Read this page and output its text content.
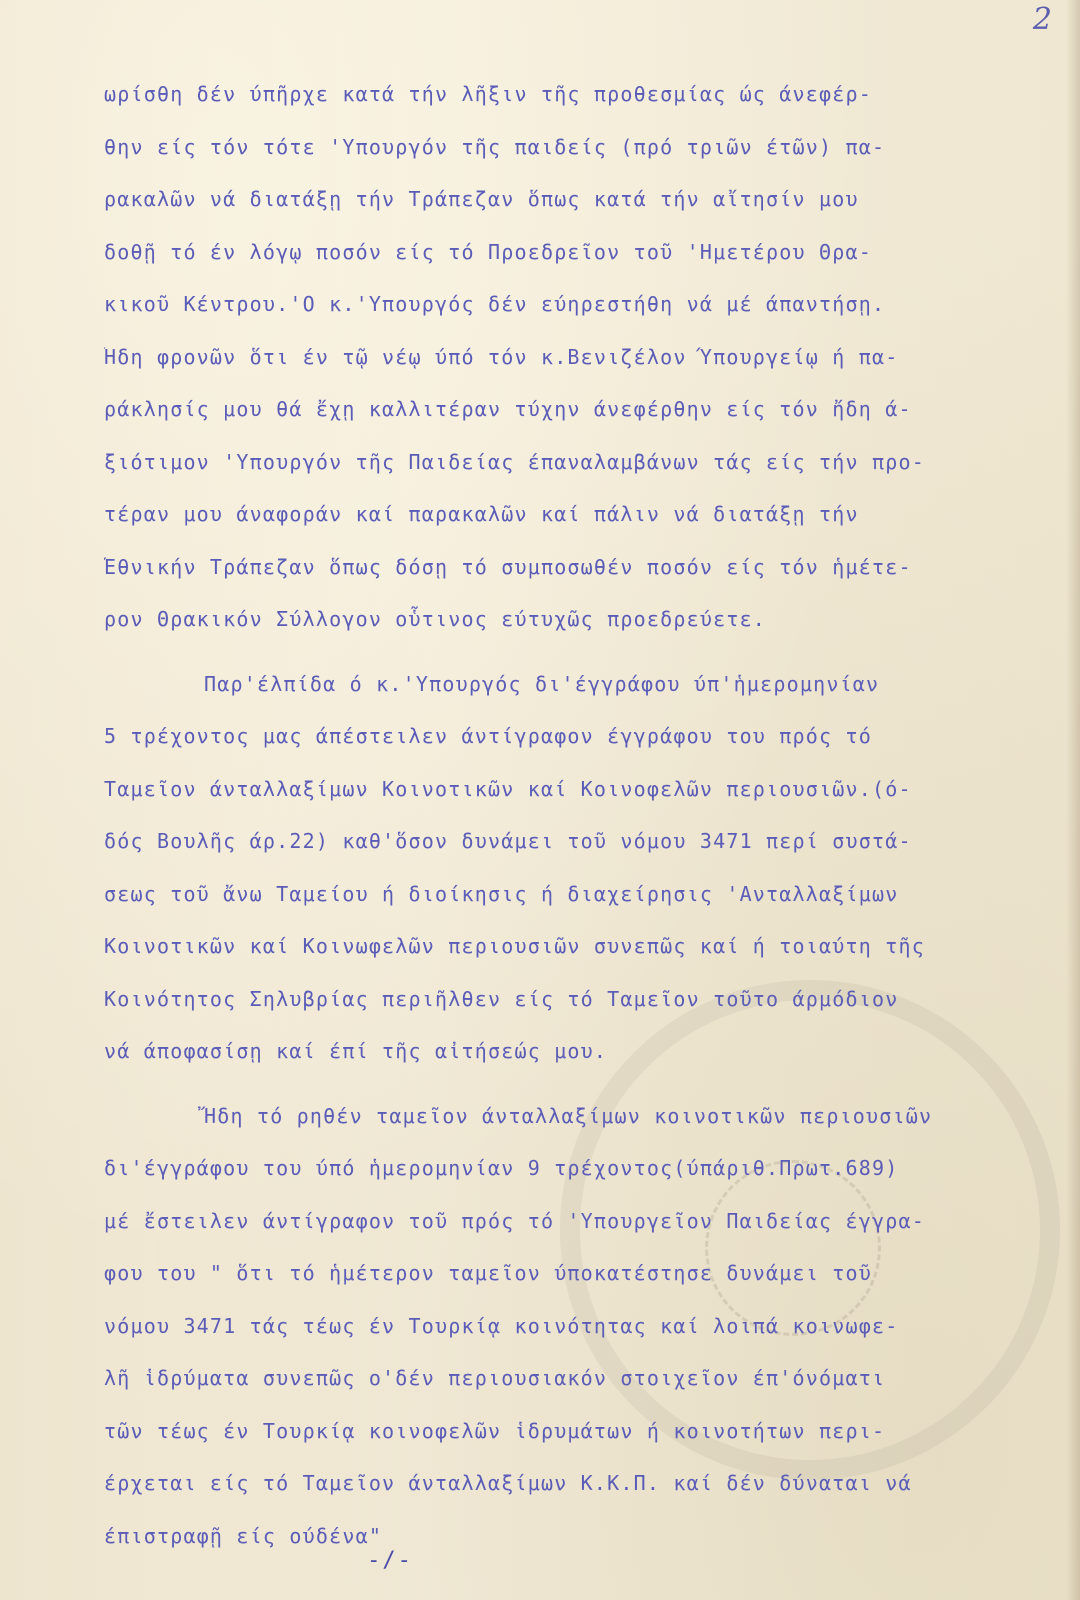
2
ωρίσθη δέν ύπῆρχε κατά τήν λῆξιν τῆς προθεσμίας ώς άνεφέρ-
θην είς τόν τότε 'Υπουργόν τῆς παιδείς (πρό τριῶν έτῶν) πα-
ρακαλῶν νά διατάξῃ τήν Τράπεζαν ὅπως κατά τήν αἴτησίν μου
δοθῇ τό έν λόγῳ ποσόν είς τό Προεδρεῖον τοῦ 'Ημετέρου Θρα-
κικοῦ Κέντρου.'Ο κ.'Υπουργός δέν εύηρεστήθη νά μέ άπαντήσῃ.
Ἤδη φρονῶν ὅτι έν τῷ νέῳ ύπό τόν κ.Βενιζέλον Ύπουργείῳ ή πα-
ράκλησίς μου θά ἔχῃ καλλιτέραν τύχην άνεφέρθην είς τόν ἤδη ά-
ξιότιμον 'Υπουργόν τῆς Παιδείας έπαναλαμβάνων τάς είς τήν προ-
τέραν μου άναφοράν καί παρακαλῶν καί πάλιν νά διατάξῃ τήν
Έθνικήν Τράπεζαν ὅπως δόσῃ τό συμποσωθέν ποσόν είς τόν ἡμέτε-
ρον Θρακικόν Σύλλογον οὗτινος εύτυχῶς προεδρεύετε.
Παρ'έλπίδα ό κ.'Υπουργός δι'έγγράφου ύπ'ἡμερομηνίαν
5 τρέχοντος μας άπέστειλεν άντίγραφον έγγράφου του πρός τό
Ταμεῖον άνταλλαξίμων Κοινοτικῶν καί Κοινοφελῶν περιουσιῶν.(ό-
δός Βουλῆς άρ.22) καθ'ὅσον δυνάμει τοῦ νόμου 3471 περί συστά-
σεως τοῦ ἄνω Ταμείου ή διοίκησις ή διαχείρησις 'Ανταλλαξίμων
Κοινοτικῶν καί Κοινωφελῶν περιουσιῶν συνεπῶς καί ή τοιαύτη τῆς
Κοινότητος Σηλυβρίας περιῆλθεν είς τό Ταμεῖον τοῦτο άρμόδιον
νά άποφασίσῃ καί έπί τῆς αἰτήσεώς μου.
Ἤδη τό ρηθέν ταμεῖον άνταλλαξίμων κοινοτικῶν περιουσιῶν
δι'έγγράφου του ύπό ἡμερομηνίαν 9 τρέχοντος(ύπάριθ.Πρωτ.689)
μέ ἔστειλεν άντίγραφον τοῦ πρός τό 'Υπουργεῖον Παιδείας έγγρα-
φου του " ὅτι τό ἡμέτερον ταμεῖον ύποκατέστησε δυνάμει τοῦ
νόμου 3471 τάς τέως έν Τουρκίᾳ κοινότητας καί λοιπά κοινωφε-
λῆ ἱδρύματα συνεπῶς ο'δέν περιουσιακόν στοιχεῖον έπ'όνόματι
τῶν τέως έν Τουρκίᾳ κοινοφελῶν ἱδρυμάτων ή κοινοτήτων περι-
έρχεται είς τό Ταμεῖον άνταλλαξίμων Κ.Κ.Π. καί δέν δύναται νά
έπιστραφῇ είς ούδένα"
-/-
